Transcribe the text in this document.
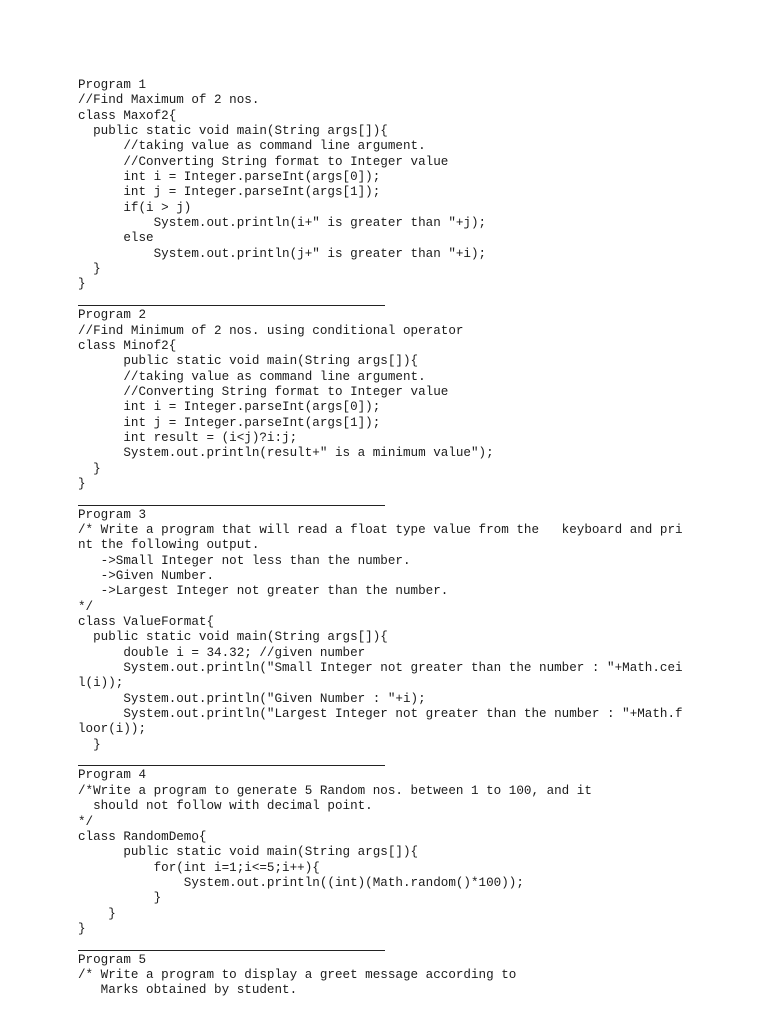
Program 1
//Find Maximum of 2 nos.
class Maxof2{
public static void main(String args[]){
//taking value as command line argument.
//Converting String format to Integer value
int i = Integer.parseInt(args[0]);
int j = Integer.parseInt(args[1]);
if(i > j)
System.out.println(i+" is greater than "+j);
else
System.out.println(j+" is greater than "+i);
}
}
Program 2
//Find Minimum of 2 nos. using conditional operator
class Minof2{
public static void main(String args[]){
//taking value as command line argument.
//Converting String format to Integer value
int i = Integer.parseInt(args[0]);
int j = Integer.parseInt(args[1]);
int result = (i<j)?i:j;
System.out.println(result+" is a minimum value");
}
}
Program 3
/* Write a program that will read a float type value from the   keyboard and pri
nt the following output.
->Small Integer not less than the number.
->Given Number.
->Largest Integer not greater than the number.
*/
class ValueFormat{
public static void main(String args[]){
double i = 34.32; //given number
System.out.println("Small Integer not greater than the number : "+Math.cei
l(i));
System.out.println("Given Number : "+i);
System.out.println("Largest Integer not greater than the number : "+Math.f
loor(i));
}
Program 4
/*Write a program to generate 5 Random nos. between 1 to 100, and it
should not follow with decimal point.
*/
class RandomDemo{
public static void main(String args[]){
for(int i=1;i<=5;i++){
System.out.println((int)(Math.random()*100));
}
}
}
Program 5
/* Write a program to display a greet message according to
Marks obtained by student.
